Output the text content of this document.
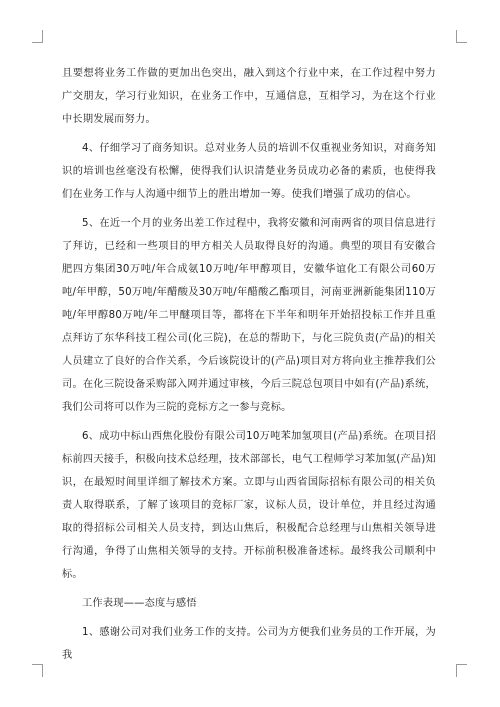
且要想将业务工作做的更加出色突出，融入到这个行业中来，在工作过程中努力广交朋友，学习行业知识，在业务工作中，互通信息，互相学习，为在这个行业中长期发展而努力。

4、仔细学习了商务知识。总对业务人员的培训不仅重视业务知识，对商务知识的培训也丝毫没有松懈，使得我们认识清楚业务员成功必备的素质，也使得我们在业务工作与人沟通中细节上的胜出增加一筹。使我们增强了成功的信心。

5、在近一个月的业务出差工作过程中，我将安徽和河南两省的项目信息进行了拜访，已经和一些项目的甲方相关人员取得良好的沟通。典型的项目有安徽合肥四方集团30万吨/年合成氨10万吨/年甲醇项目，安徽华谊化工有限公司60万吨/年甲醇，50万吨/年醋酸及30万吨/年醋酸乙酯项目，河南亚洲新能集团110万吨/年甲醇80万吨/年二甲醚项目等，都将在下半年和明年开始招投标工作并且重点拜访了东华科技工程公司(化三院)，在总的帮助下，与化三院负责(产品)的相关人员建立了良好的合作关系，今后该院设计的(产品)项目对方将向业主推荐我们公司。在化三院设备采购部入网并通过审核，今后三院总包项目中如有(产品)系统，我们公司将可以作为三院的竞标方之一参与竞标。

6、成功中标山西焦化股份有限公司10万吨苯加氢项目(产品)系统。在项目招标前四天接手，积极向技术总经理，技术部部长，电气工程师学习苯加氢(产品)知识，在最短时间里详细了解技术方案。立即与山西省国际招标有限公司的相关负责人取得联系，了解了该项目的竞标厂家，议标人员，设计单位，并且经过沟通取的得招标公司相关人员支持，到达山焦后，积极配合总经理与山焦相关领导进行沟通，争得了山焦相关领导的支持。开标前积极准备述标。最终我公司顺利中标。

工作表现——态度与感悟

1、感谢公司对我们业务工作的支持。公司为方便我们业务员的工作开展，为我
